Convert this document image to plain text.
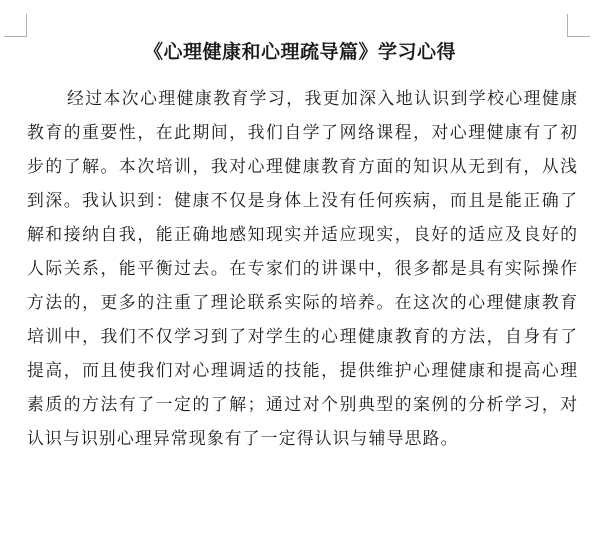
《心理健康和心理疏导篇》学习心得
经过本次心理健康教育学习，我更加深入地认识到学校心理健康
教育的重要性，在此期间，我们自学了网络课程，对心理健康有了初
步的了解。本次培训，我对心理健康教育方面的知识从无到有，从浅
到深。我认识到：健康不仅是身体上没有任何疾病，而且是能正确了
解和接纳自我，能正确地感知现实并适应现实，良好的适应及良好的
人际关系，能平衡过去。在专家们的讲课中，很多都是具有实际操作
方法的，更多的注重了理论联系实际的培养。在这次的心理健康教育
培训中，我们不仅学习到了对学生的心理健康教育的方法，自身有了
提高，而且使我们对心理调适的技能，提供维护心理健康和提高心理
素质的方法有了一定的了解；通过对个别典型的案例的分析学习，对
认识与识别心理异常现象有了一定得认识与辅导思路。
